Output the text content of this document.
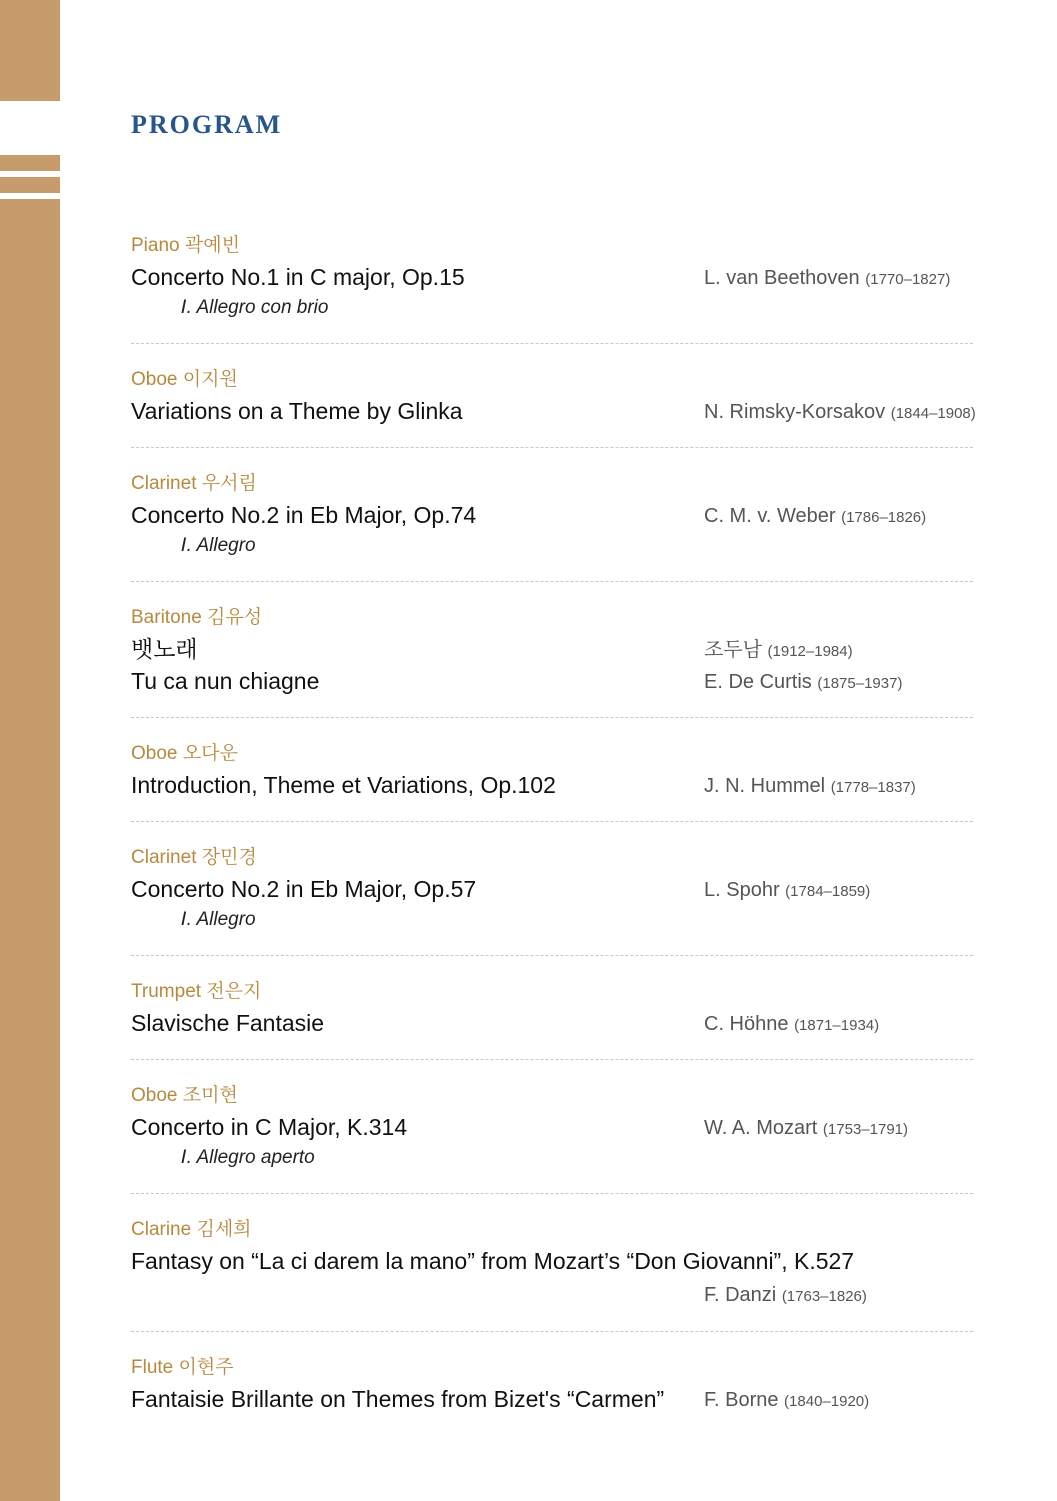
PROGRAM
Piano 곽예빈
Concerto No.1 in C major, Op.15	L. van Beethoven (1770–1827)
Ⅰ. Allegro con brio
Oboe 이지원
Variations on a Theme by Glinka	N. Rimsky-Korsakov (1844–1908)
Clarinet 우서림
Concerto No.2 in Eb Major, Op.74	C. M. v. Weber (1786–1826)
Ⅰ. Allegro
Baritone 김유성
뱃노래	조두남 (1912–1984)
Tu ca nun chiagne	E. De Curtis (1875–1937)
Oboe 오다운
Introduction, Theme et Variations, Op.102	J. N. Hummel (1778–1837)
Clarinet 장민경
Concerto No.2 in Eb Major, Op.57	L. Spohr (1784–1859)
Ⅰ. Allegro
Trumpet 전은지
Slavische Fantasie	C. Höhne (1871–1934)
Oboe 조미현
Concerto in C Major, K.314	W. A. Mozart (1753–1791)
Ⅰ. Allegro aperto
Clarine 김세희
Fantasy on “La ci darem la mano” from Mozart’s “Don Giovanni”, K.527
F. Danzi (1763–1826)
Flute 이현주
Fantaisie Brillante on Themes from Bizet's “Carmen” F. Borne (1840–1920)
